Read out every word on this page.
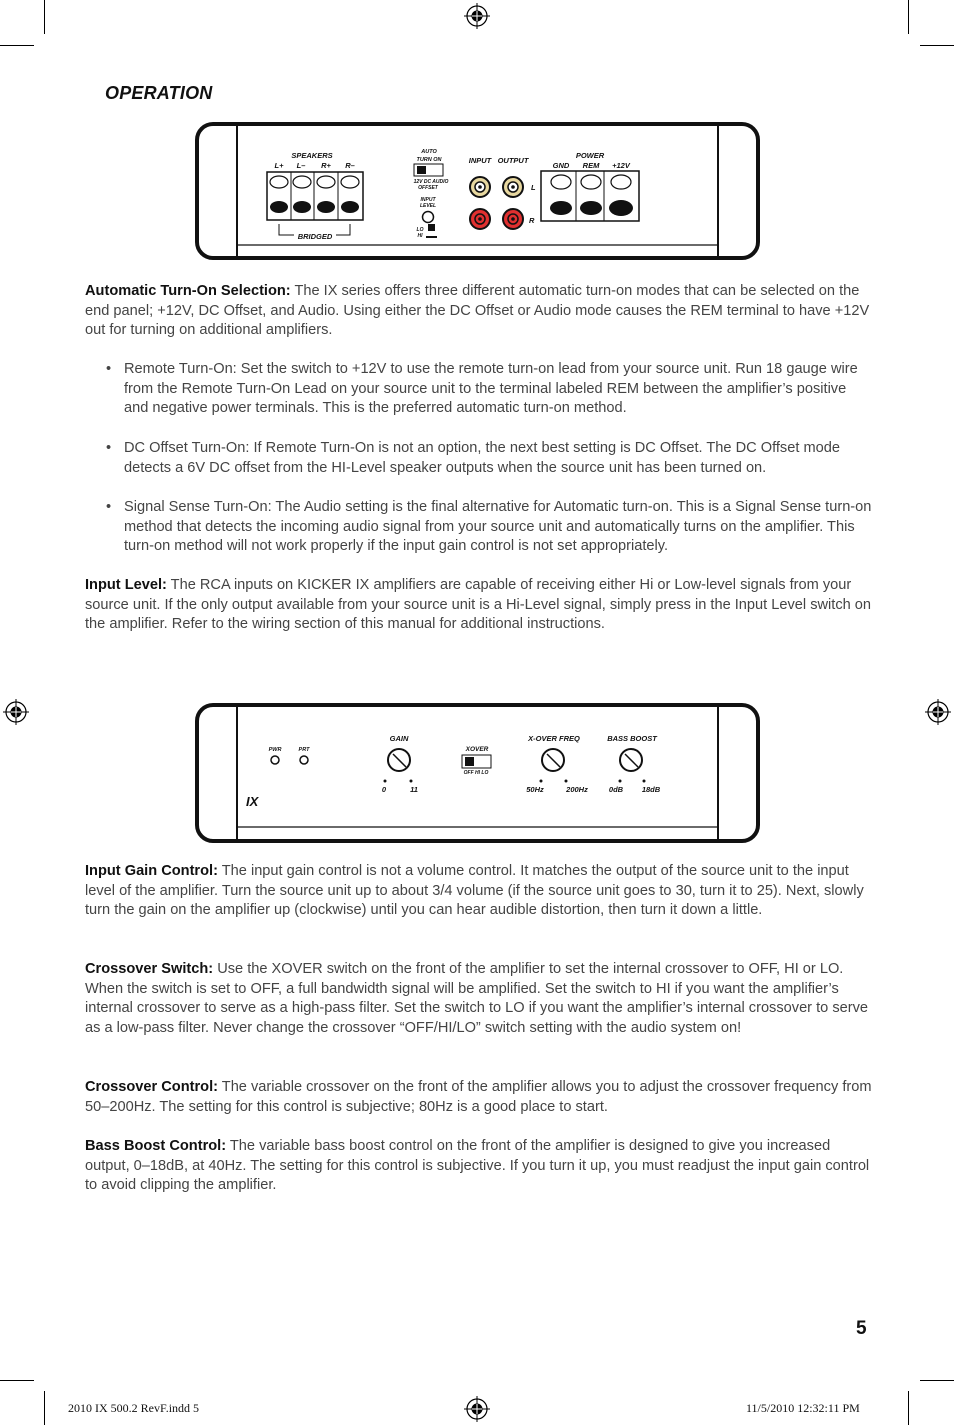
OPERATION
SPEAKERS
L+ L– R+ R–
BRIDGED
AUTO
TURN ON
12V DC AUDIO
OFFSET
INPUT
LEVEL
LO
HI
INPUT OUTPUT
L
R
POWER
GND REM +12V

Automatic Turn-On Selection: The IX series offers three different automatic turn-on modes that can be selected on the end panel; +12V, DC Offset, and Audio. Using either the DC Offset or Audio mode causes the REM terminal to have +12V out for turning on additional amplifiers.

• Remote Turn-On: Set the switch to +12V to use the remote turn-on lead from your source unit. Run 18 gauge wire from the Remote Turn-On Lead on your source unit to the terminal labeled REM between the amplifier’s positive and negative power terminals. This is the preferred automatic turn-on method.
• DC Offset Turn-On: If Remote Turn-On is not an option, the next best setting is DC Offset. The DC Offset mode detects a 6V DC offset from the HI-Level speaker outputs when the source unit has been turned on.
• Signal Sense Turn-On: The Audio setting is the final alternative for Automatic turn-on. This is a Signal Sense turn-on method that detects the incoming audio signal from your source unit and automatically turns on the amplifier. This turn-on method will not work properly if the input gain control is not set appropriately.

Input Level: The RCA inputs on KICKER IX amplifiers are capable of receiving either Hi or Low-level signals from your source unit. If the only output available from your source unit is a Hi-Level signal, simply press in the Input Level switch on the amplifier. Refer to the wiring section of this manual for additional instructions.

PWR	PRT
IX
GAIN
0	11
XOVER
OFF HI LO
X-OVER FREQ
50Hz	200Hz
BASS BOOST
0dB 18dB

Input Gain Control: The input gain control is not a volume control. It matches the output of the source unit to the input level of the amplifier. Turn the source unit up to about 3/4 volume (if the source unit goes to 30, turn it to 25). Next, slowly turn the gain on the amplifier up (clockwise) until you can hear audible distortion, then turn it down a little.

Crossover Switch: Use the XOVER switch on the front of the amplifier to set the internal crossover to OFF, HI or LO. When the switch is set to OFF, a full bandwidth signal will be amplified. Set the switch to HI if you want the amplifier’s internal crossover to serve as a high-pass filter. Set the switch to LO if you want the amplifier’s internal crossover to serve as a low-pass filter. Never change the crossover “OFF/HI/LO” switch setting with the audio system on!

Crossover Control: The variable crossover on the front of the amplifier allows you to adjust the crossover frequency from 50–200Hz. The setting for this control is subjective; 80Hz is a good place to start.

Bass Boost Control: The variable bass boost control on the front of the amplifier is designed to give you increased output, 0–18dB, at 40Hz. The setting for this control is subjective. If you turn it up, you must readjust the input gain control to avoid clipping the amplifier.

5
2010 IX 500.2 RevF.indd 5	11/5/2010 12:32:11 PM
